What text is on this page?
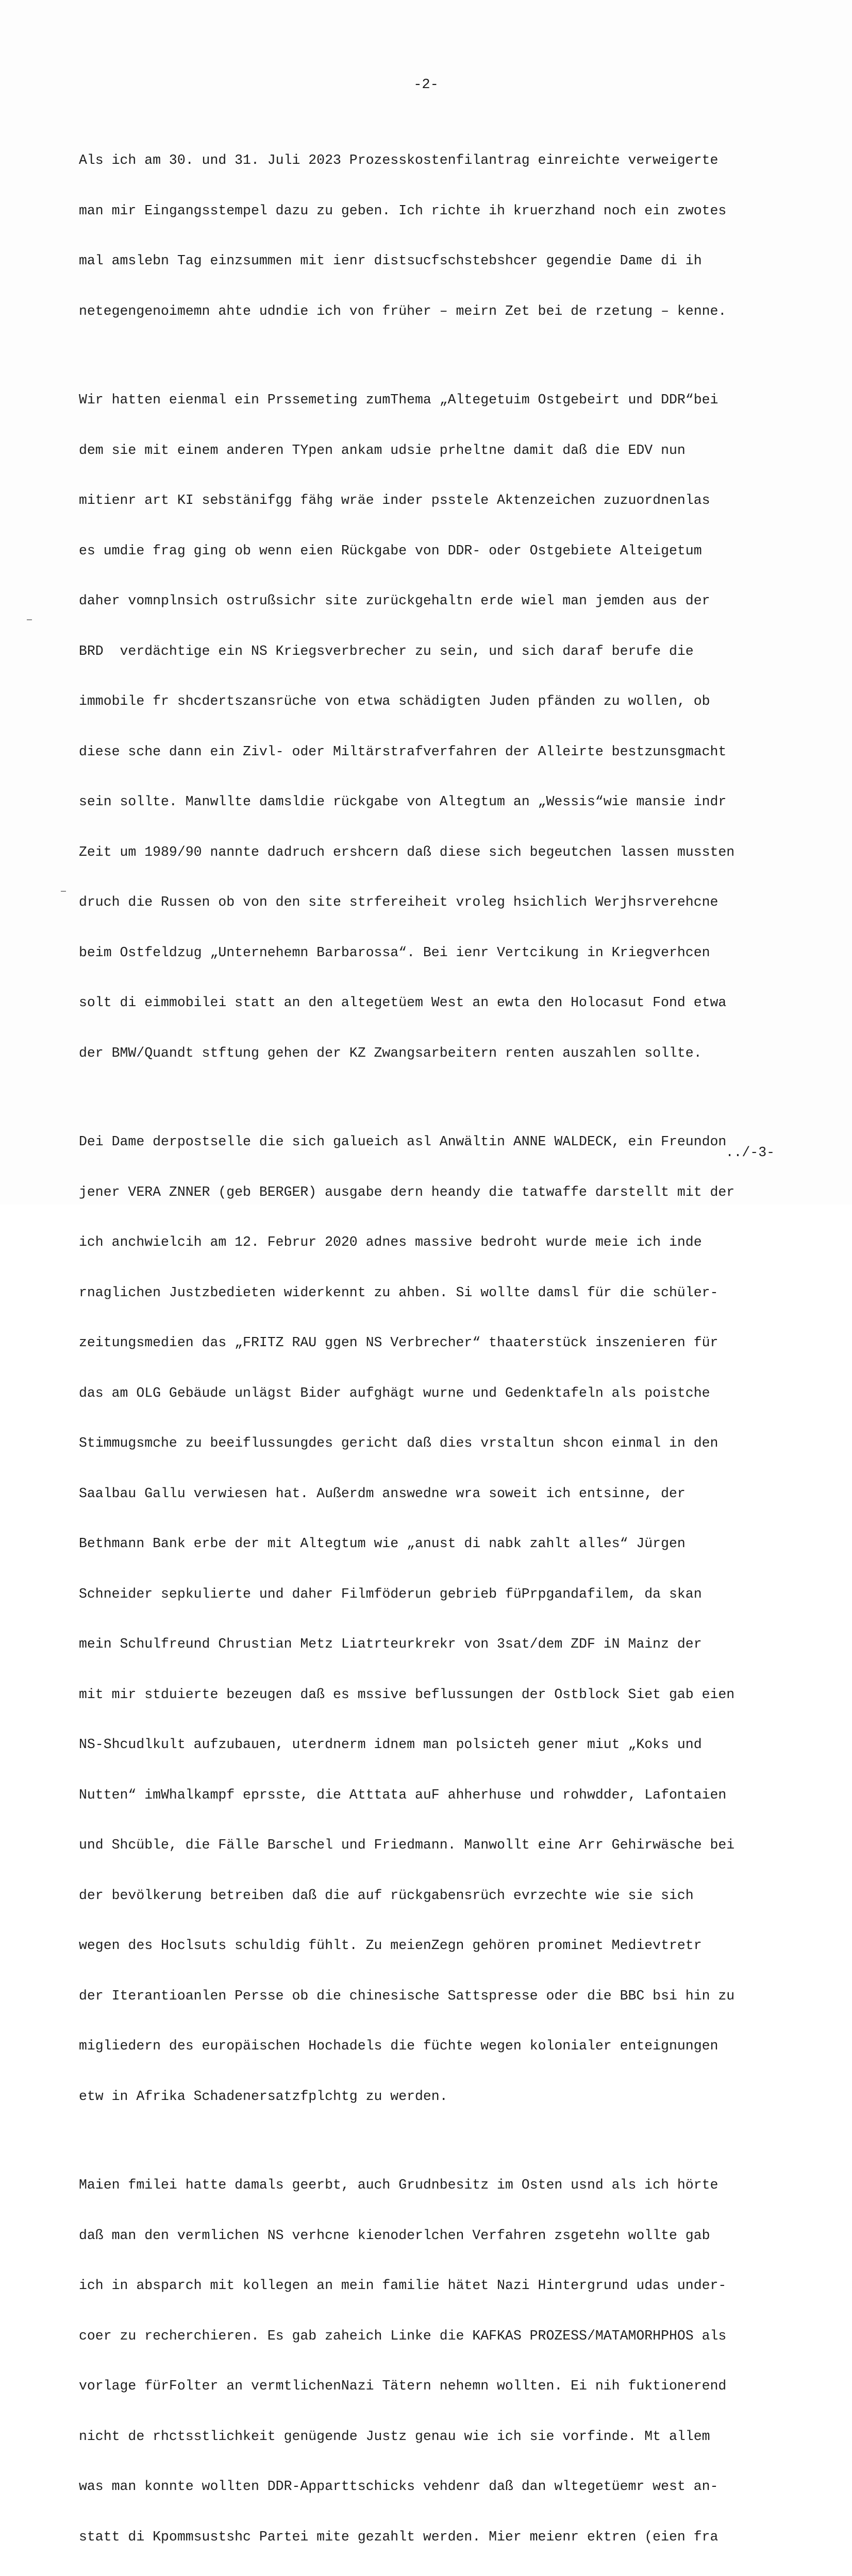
-2-

Als ich am 30. und 31. Juli 2023 Prozesskostenfilantrag einreichte verweigerte

man mir Eingangsstempel dazu zu geben. Ich richte ih kruerzhand noch ein zwotes

mal amslebn Tag einzsummen mit ienr distsucfschstebshcer gegendie Dame di ih

netegengenoimemn ahte udndie ich von früher – meirn Zet bei de rzetung – kenne.

Wir hatten eienmal ein Prssemeting zumThema „Altegetuim Ostgebeirt und DDR“bei

dem sie mit einem anderen TYpen ankam udsie prheltne damit daß die EDV nun

mitienr art KI sebstänifgg fähg wräe inder psstele Aktenzeichen zuzuordnenlas

es umdie frag ging ob wenn eien Rückgabe von DDR- oder Ostgebiete Alteigetum

daher vomnplnsich ostrußsichr site zurückgehaltn erde wiel man jemden aus der

BRD  verdächtige ein NS Kriegsverbrecher zu sein, und sich daraf berufe die

immobile fr shcdertszansrüche von etwa schädigten Juden pfänden zu wollen, ob

diese sche dann ein Zivl- oder Miltärstrafverfahren der Alleirte bestzunsgmacht

sein sollte. Manwllte damsldie rückgabe von Altegtum an „Wessis“wie mansie indr

Zeit um 1989/90 nannte dadruch ershcern daß diese sich begeutchen lassen mussten

druch die Russen ob von den site strfereiheit vroleg hsichlich Werjhsrverehcne

beim Ostfeldzug „Unternehemn Barbarossa“. Bei ienr Vertcikung in Kriegverhcen

solt di eimmobilei statt an den altegetüem West an ewta den Holocasut Fond etwa

der BMW/Quandt stftung gehen der KZ Zwangsarbeitern renten auszahlen sollte.

Dei Dame derpostselle die sich galueich asl Anwältin ANNE WALDECK, ein Freundon

jener VERA ZNNER (geb BERGER) ausgabe dern heandy die tatwaffe darstellt mit der

ich anchwielcih am 12. Februr 2020 adnes massive bedroht wurde meie ich inde

rnaglichen Justzbedieten widerkennt zu ahben. Si wollte damsl für die schüler-

zeitungsmedien das „FRITZ RAU ggen NS Verbrecher“ thaaterstück inszenieren für

das am OLG Gebäude unlägst Bider aufghägt wurne und Gedenktafeln als poistche

Stimmugsmche zu beeiflussungdes gericht daß dies vrstaltun shcon einmal in den

Saalbau Gallu verwiesen hat. Außerdm answedne wra soweit ich entsinne, der

Bethmann Bank erbe der mit Altegtum wie „anust di nabk zahlt alles“ Jürgen

Schneider sepkulierte und daher Filmföderun gebrieb füPrpgandafilem, da skan

mein Schulfreund Chrustian Metz Liatrteurkrekr von 3sat/dem ZDF iN Mainz der

mit mir stduierte bezeugen daß es mssive beflussungen der Ostblock Siet gab eien

NS-Shcudlkult aufzubauen, uterdnerm idnem man polsicteh gener miut „Koks und

Nutten“ imWhalkampf eprsste, die Atttata auF ahherhuse und rohwdder, Lafontaien

und Shcüble, die Fälle Barschel und Friedmann. Manwollt eine Arr Gehirwäsche bei

der bevölkerung betreiben daß die auf rückgabensrüch evrzechte wie sie sich

wegen des Hoclsuts schuldig fühlt. Zu meienZegn gehören prominet Medievtretr

der Iterantioanlen Persse ob die chinesische Sattspresse oder die BBC bsi hin zu

migliedern des europäischen Hochadels die füchte wegen kolonialer enteignungen

etw in Afrika Schadenersatzfplchtg zu werden.

Maien fmilei hatte damals geerbt, auch Grudnbesitz im Osten usnd als ich hörte

daß man den vermlichen NS verhcne kienoderlchen Verfahren zsgetehn wollte gab

ich in absparch mit kollegen an mein familie hätet Nazi Hintergrund udas under-

coer zu recherchieren. Es gab zaheich Linke die KAFKAS PROZESS/MATAMORHPHOS als

vorlage fürFolter an vermtlichenNazi Tätern nehemn wollten. Ei nih fuktionerend

nicht de rhctsstlichkeit genügende Justz genau wie ich sie vorfinde. Mt allem

was man konnte wollten DDR-Apparttschicks vehdenr daß dan wltegetüemr west an-

statt di Kpommsustshc Partei mite gezahlt werden. Mier meienr ektren (eien fra

../-3-
